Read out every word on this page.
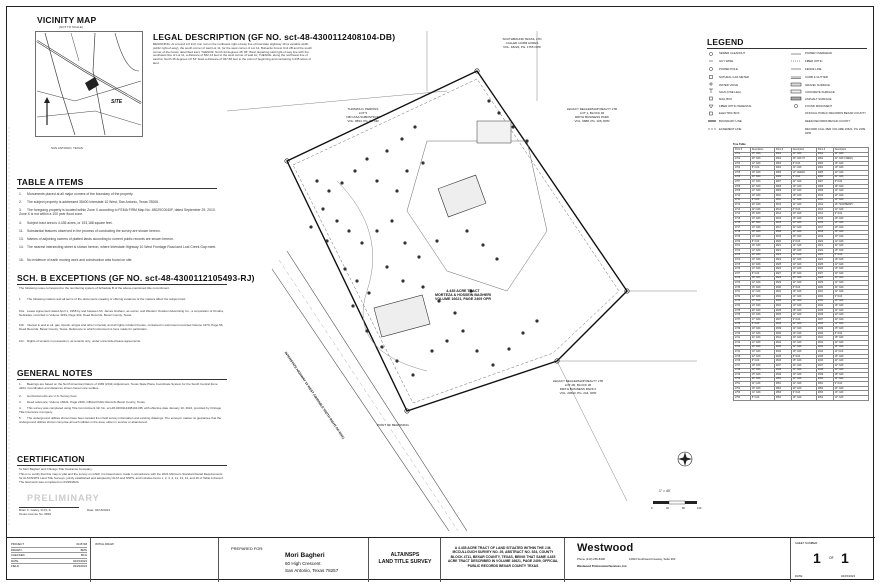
VICINITY MAP
(NOT TO SCALE)
SITE
SAN ANTONIO, TEXAS
LEGAL DESCRIPTION (GF NO. sct-48-4300112408104-DB)
BEGINNING: At a found 1/2 inch iron rod on the northwest right-of-way line of Interstate Highway 10 (a variable width public right-of-way), the south corner of said Lot 11, for the west corner of Lot 12, Bulverde Forest Unit 2B and the south corner of the herein described tract; THENCE: North 44 degrees 46' 06" West departing said right-of-way line with the southwest line of Lot 11, a distance of 562.14 feet to the west corner of said lot; THENCE: along the northwest line of said lot, North 45 degrees 13' 54" East a distance of 327.68 feet to the point of beginning and containing 4.435 acres of land.
TABLE A ITEMS
1. Monuments placed at all major corners of the boundary of the property.
2. The subject property is addressed 35400 Interstate 10 West, San Antonio, Texas 78006.
3. The foregoing property is located within Zone X according to FEMA FIRM Map No. 48029C0040F, dated September 29, 2010. Zone X is not within a 100 year flood zone.
4. Subject tract area is 4.435 acres, or 193,188 square feet.
11. Substantial features observed in the process of conducting the survey are shown hereon.
13. Names of adjoining owners of platted lands according to current public records are shown hereon.
14. The nearest intersecting street is shown hereon, where Interstate Highway 10 West Frontage Road and Lost Creek Gap meet.
16. No evidence of earth moving work and construction was found on site.
SCH. B EXCEPTIONS (GF NO. sct-48-4300112105493-RJ)
The following notes correspond to the numbering system of Schedule B of the above-mentioned title commitment.
1. The following matters and all terms of the documents creating or offering evidence of the matters affect the subject tract.
10a. Lease Agreement dated April 1, 1958 by and between Mr. James Graham, as owner, and Western Outdoor Advertising Co., a corporation of Omaha, Nebraska, recorded in Volume 4159, Page 432, Deed Records, Bexar County, Texas.
10b. Interest in and to oil, gas, liquids, all gas and other minerals, and all rights incident thereto, contained in instrument recorded Volume 4470, Page 56, Deed Records, Bexar County, Texas. Reference to which instrument is here made for particulars.
10c. Rights of tenants in possession, as tenants only, under unrecorded lease agreements.
GENERAL NOTES
1. Bearings are based on the North American Datum of 1983 (2011) Adjustment, Texas State Plane Coordinate System for the South Central Zone 4204. Coordinates and distances shown hereon are surface.
2. Horizontal units are U.S. Survey Feet.
3. Deed reference: Volume 16621, Page 2409, Official Public Records Bexar County, Texas.
4. This survey was completed using Title Commitment GF No. sct-48-4300112408104-DB, with effective date January 10, 2024, provided by Chicago Title Insurance Company.
5. The underground utilities shown have been located from field survey information and existing drawings. The surveyor makes no guarantee that the underground utilities shown comprise all such utilities in the area, either in service or abandoned.
CERTIFICATION
To Mori Bagheri and Chicago Title Insurance Company:
This is to certify that this map or plat and the survey on which it is based were made in accordance with the 2021 Minimum Standard Detail Requirements for ALTA/NSPS Land Title Surveys, jointly established and adopted by ALTA and NSPS, and includes Items 1, 2, 3, 4, 11, 13, 14, and 16 of Table A thereof. The field work was completed on 03/29/2024.
PRELIMINARY
Brian C. Gailey, R.P.L.S.
Texas License No. 6826
Date: 04/15/2024
4.435 ACRE TRACT
MORTEZA & HOSSEIN BAGHERI
VOLUME 16621, PAGE 2409 OPR
THOMAS D. PERKINS
LOT 5
NB CASA SUBDIVISION
VOL. 9594, PG. 86, DR
SOUTHBOUND TEXAS, LTD
CALLED 13.893 ACRES
VOL. 18222, PG. 1765 OPR
LEGACY DEALERSHIP REALTY LTD
LOT 1, BLOCK 36
DRITH BUSINESS PARK
VOL. 9688, PG. 106, DPR
LEGACY DEALERSHIP REALTY LTD
LOT 2R, BLOCK 36
DRITH BUSINESS PARK II
VOL. 20643, PG. 244, OPR
INTERSTATE HIGHWAY 10 WEST (VARIABLE WIDTH RIGHT-OF-WAY)	POINT OF BEGINNING
1" = 40'
0	40	80	120
LEGEND
SEWER CLEANOUT	POWER OVERHEAD
GUY WIRE	FIBER OPTIC
POWER POLE	FENCE LINE
NATURAL GAS METER	CURB & GUTTER
WATER VALVE	GRAVEL SURFACE
SIGN (ONE LEG)	CONCRETE SURFACE
MAIL BOX	ASPHALT SURFACE
FIBER OPTIC PEDESTAL	FOUND MONUMENT
ELECTRIC BOX	OFFICIAL PUBLIC RECORDS BEXAR COUNTY
BOUNDARY LINE	DEED RECORDS BEXAR COUNTY
EASEMENT LINE	RECORD CALL PER VOLUME 16621, PG 2409, OPR
Tree Table
Point #	Description	Point #	Description	Point #	Description
2701	15" OAK	2801	12" OAK	2901	24" OAK
2702	20" OAK	2802	26" OAK 3T	2902	32" OAK 3 MESQ
2703	12" OAK	2803	8" OAK	2903	16" OAK
2704	8" OAK	2804	14" OAK	2904	10" OAK
2705	18" OAK	2805	12" CEDAR	2905	20" OAK
2706	10" OAK	2806	9" OAK	2906	12" OAK
2707	14" OAK	2807	22" OAK	2907	8" OAK
2708	24" OAK	2808	16" OAK	2908	18" OAK
2709	12" OAK	2809	10" OAK	2909	14" OAK
2710	16" OAK	2810	18" OAK	2910	22" OAK
2711	9" OAK	2811	12" OAK	2911	10" OAK
2712	20" OAK	2812	14" OAK	2912	16" HACKBERRY
2713	11" OAK	2813	8" OAK	2913	12" OAK
2714	15" OAK	2814	20" OAK	2914	9" OAK
2715	13" OAK	2815	15" OAK	2915	18" OAK
2716	22" OAK	2816	10" OAK	2916	14" OAK
2717	10" OAK	2817	24" OAK	2917	20" OAK
2718	18" OAK	2818	12" OAK	2918	16" OAK
2719	14" OAK	2819	16" OAK	2919	10" OAK
2720	8" OAK	2820	9" OAK	2920	12" OAK
2721	16" OAK	2821	14" OAK	2921	22" OAK
2722	12" OAK	2822	18" OAK	2922	15" OAK
2723	20" OAK	2823	11" OAK	2923	8" OAK
2724	10" OAK	2824	22" OAK	2924	18" OAK
2725	24" OAK	2825	10" OAK	2925	12" OAK
2726	14" OAK	2826	13" OAK	2926	16" OAK
2727	9" OAK	2827	15" OAK	2927	20" OAK
2728	18" OAK	2828	20" OAK	2928	10" OAK
2729	12" OAK	2829	12" OAK	2929	14" OAK
2730	16" OAK	2830	8" OAK	2930	24" OAK
2731	11" OAK	2831	16" OAK	2931	12" OAK
2732	22" OAK	2832	14" OAK	2932	9" OAK
2733	15" OAK	2833	24" OAK	2933	18" OAK
2734	10" OAK	2834	10" OAK	2934	16" OAK
2735	20" OAK	2835	18" OAK	2935	14" OAK
2736	13" OAK	2836	12" OAK	2936	10" OAK
2737	17" OAK	2837	9" OAK	2937	20" OAK
2738	8" OAK	2838	22" OAK	2938	12" OAK
2739	19" OAK	2839	14" OAK	2939	15" OAK
2740	12" OAK	2840	16" OAK	2940	8" OAK
2741	24" OAK	2841	20" OAK	2941	18" OAK
2742	14" OAK	2842	10" OAK	2942	22" OAK
2743	16" OAK	2843	12" OAK	2943	14" OAK
2744	10" OAK	2844	18" OAK	2944	11" OAK
2745	22" OAK	2845	8" OAK	2945	16" OAK
2746	9" OAK	2846	15" OAK	2946	20" OAK
2747	18" OAK	2847	24" OAK	2947	12" OAK
2748	12" OAK	2848	14" OAK	2948	10" OAK
2749	15" OAK	2849	10" OAK	2949	18" OAK
2750	20" OAK	2850	16" OAK	2950	14" OAK
2751	11" OAK	2851	12" OAK	2951	9" OAK
2752	16" OAK	2852	20" OAK	2952	24" OAK
2753	14" OAK	2853	9" OAK	2953	16" OAK
2754	8" OAK	2854	18" OAK	2954	12" OAK
PROJECT	0115748
DRAWN	BMG
CHECKED	BCG
DATE	04/15/2024
FIELD	03/29/2024
INITIAL DRAW
PREPARED FOR:
Mori Bagheri
60 High Crescent
San Antonio, Texas 78257
ALTA/NSPS
LAND TITLE SURVEY
A 4.435 ACRE TRACT OF LAND SITUATED WITHIN THE J.M. MCCULLOUCH SURVEY NO. 29, ABSTRACT NO. 524, COUNTY BLOCK 4711, BEXAR COUNTY, TEXAS, BEING THAT SAME 4.435 ACRE TRACT DESCRIBED IN VOLUME 16621, PAGE 2409, OFFICIAL PUBLIC RECORDS BEXAR COUNTY TEXAS
Westwood
Phone (210) 265-8300	12603 Southwest Freeway, Suite 300
Westwood Professional Services, Inc.
SHEET NUMBER:
1 OF 1
DATE:	04/15/2024
